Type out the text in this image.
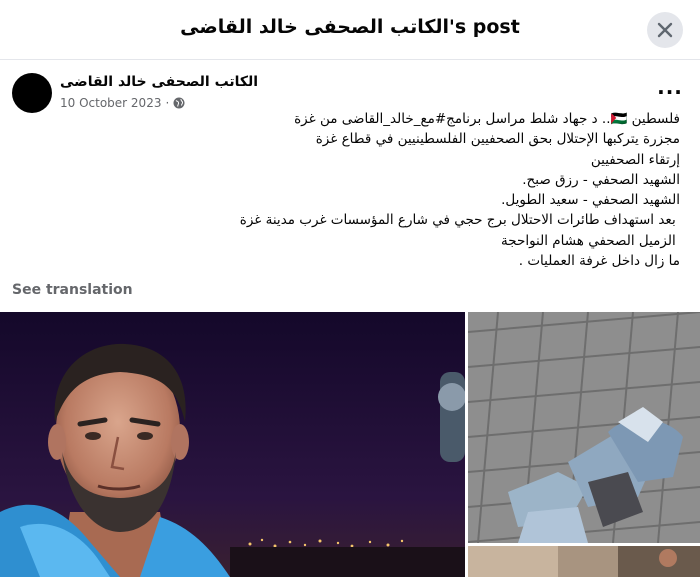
الكاتب الصحفى خالد القاضى's post
الكاتب الصحفى خالد القاضى
10 October 2023 ·
...
فلسطين 🇵🇸.. د جهاد شلط مراسل برنامج#مع_خالد_القاضى من غزة
مجزرة يتركبها الإحتلال بحق الصحفيين الفلسطينيين في قطاع غزة
إرتقاء الصحفيين
الشهيد الصحفي - رزق صبح.
الشهيد الصحفي - سعيد الطويل.
بعد استهداف طائرات الاحتلال برج حجي في شارع المؤسسات غرب مدينة غزة
الزميل الصحفي هشام النواحجة
ما زال داخل غرفة العمليات .
See translation
